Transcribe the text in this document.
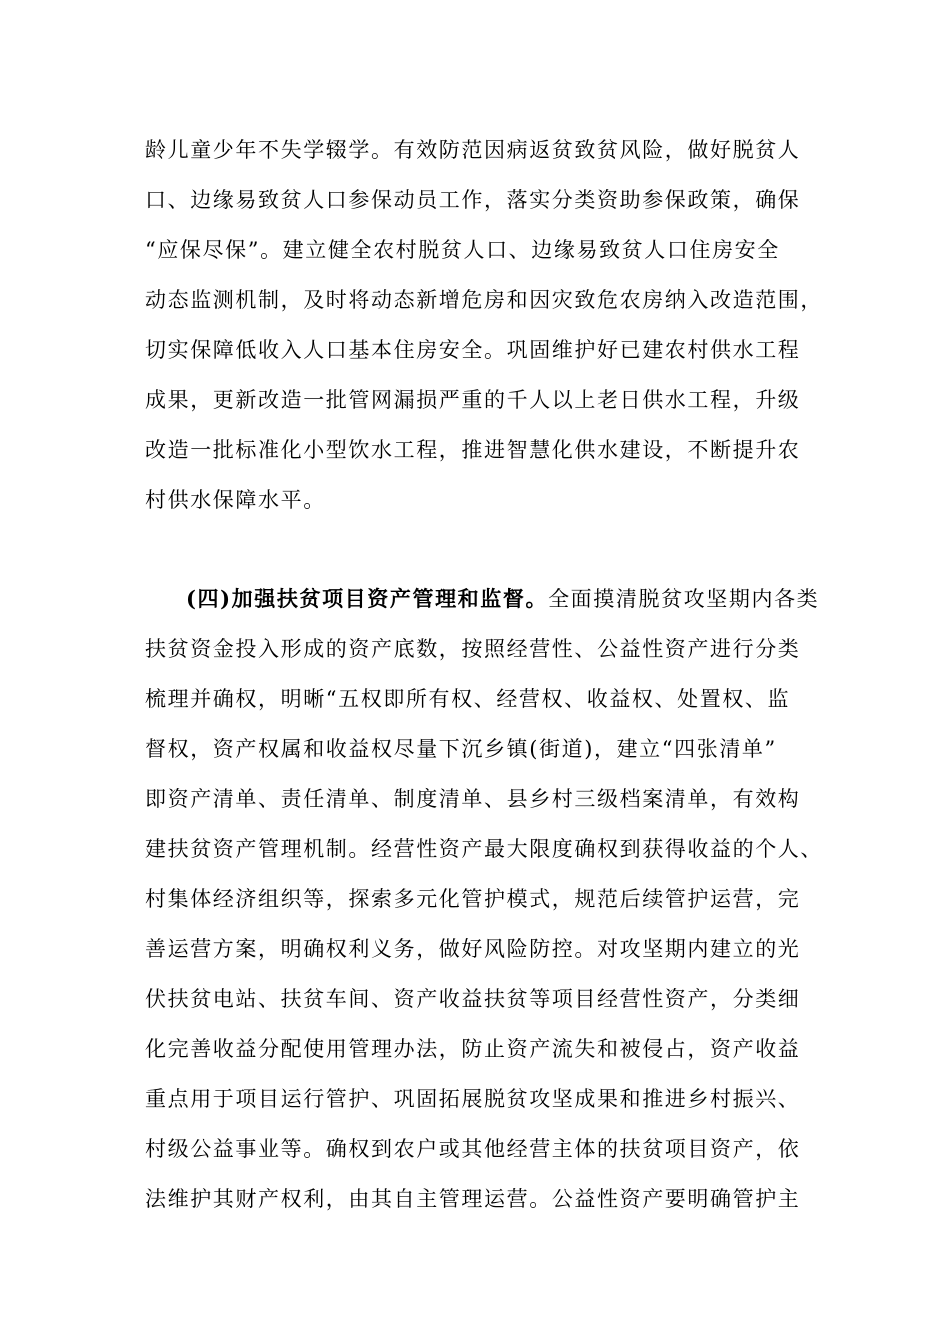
龄儿童少年不失学辍学。有效防范因病返贫致贫风险，做好脱贫人
口、边缘易致贫人口参保动员工作，落实分类资助参保政策，确保
“应保尽保”。建立健全农村脱贫人口、边缘易致贫人口住房安全
动态监测机制，及时将动态新增危房和因灾致危农房纳入改造范围，
切实保障低收入人口基本住房安全。巩固维护好已建农村供水工程
成果，更新改造一批管网漏损严重的千人以上老日供水工程，升级
改造一批标准化小型饮水工程，推进智慧化供水建设，不断提升农
村供水保障水平。
(四)加强扶贫项目资产管理和监督。全面摸清脱贫攻坚期内各类
扶贫资金投入形成的资产底数，按照经营性、公益性资产进行分类
梳理并确权，明晰“五权即所有权、经营权、收益权、处置权、监
督权，资产权属和收益权尽量下沉乡镇(街道)，建立“四张清单”
即资产清单、责任清单、制度清单、县乡村三级档案清单，有效构
建扶贫资产管理机制。经营性资产最大限度确权到获得收益的个人、
村集体经济组织等，探索多元化管护模式，规范后续管护运营，完
善运营方案，明确权利义务，做好风险防控。对攻坚期内建立的光
伏扶贫电站、扶贫车间、资产收益扶贫等项目经营性资产，分类细
化完善收益分配使用管理办法，防止资产流失和被侵占，资产收益
重点用于项目运行管护、巩固拓展脱贫攻坚成果和推进乡村振兴、
村级公益事业等。确权到农户或其他经营主体的扶贫项目资产，依
法维护其财产权利，由其自主管理运营。公益性资产要明确管护主
